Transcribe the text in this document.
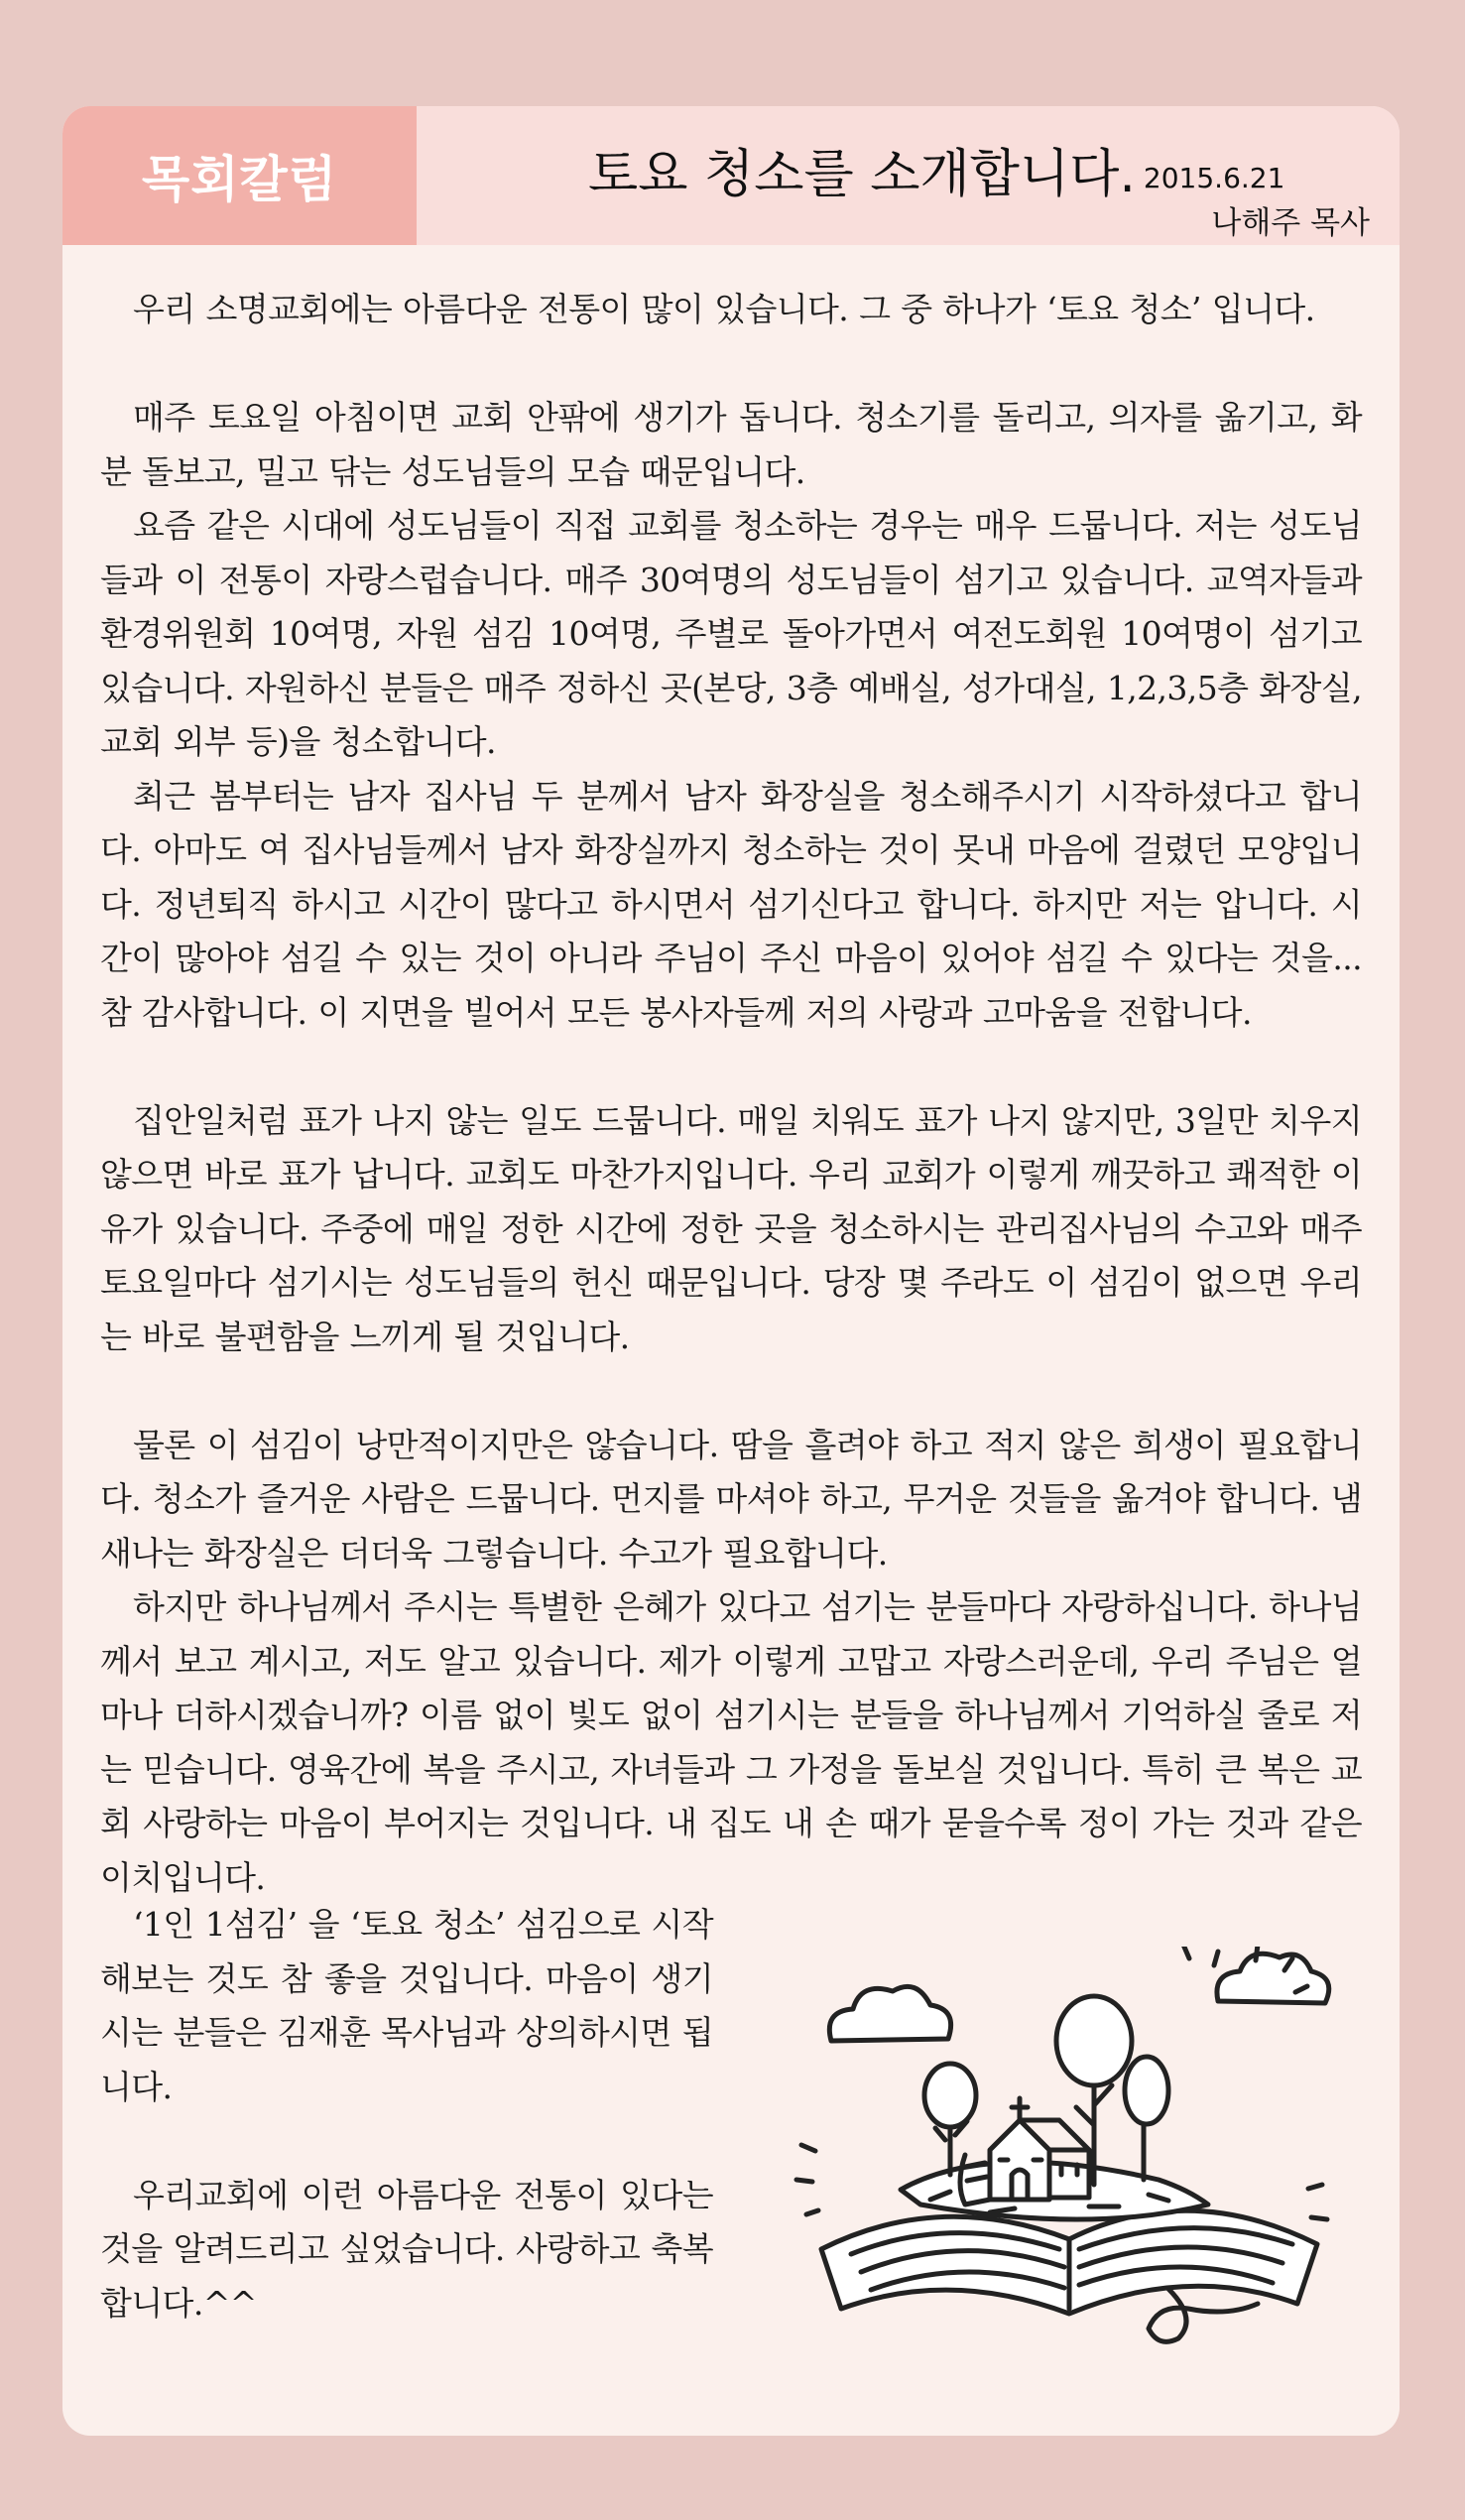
목회칼럼	토요 청소를 소개합니다. 2015.6.21
나해주 목사

우리 소명교회에는 아름다운 전통이 많이 있습니다. 그 중 하나가 ‘토요 청소’ 입니다.

매주 토요일 아침이면 교회 안팎에 생기가 돕니다. 청소기를 돌리고, 의자를 옮기고, 화분 돌보고, 밀고 닦는 성도님들의 모습 때문입니다.

요즘 같은 시대에 성도님들이 직접 교회를 청소하는 경우는 매우 드뭅니다. 저는 성도님들과 이 전통이 자랑스럽습니다. 매주 30여명의 성도님들이 섬기고 있습니다. 교역자들과 환경위원회 10여명, 자원 섬김 10여명, 주별로 돌아가면서 여전도회원 10여명이 섬기고 있습니다. 자원하신 분들은 매주 정하신 곳(본당, 3층 예배실, 성가대실, 1,2,3,5층 화장실, 교회 외부 등)을 청소합니다.

최근 봄부터는 남자 집사님 두 분께서 남자 화장실을 청소해주시기 시작하셨다고 합니다. 아마도 여 집사님들께서 남자 화장실까지 청소하는 것이 못내 마음에 걸렸던 모양입니다. 정년퇴직 하시고 시간이 많다고 하시면서 섬기신다고 합니다. 하지만 저는 압니다. 시간이 많아야 섬길 수 있는 것이 아니라 주님이 주신 마음이 있어야 섬길 수 있다는 것을... 참 감사합니다. 이 지면을 빌어서 모든 봉사자들께 저의 사랑과 고마움을 전합니다.

집안일처럼 표가 나지 않는 일도 드뭅니다. 매일 치워도 표가 나지 않지만, 3일만 치우지 않으면 바로 표가 납니다. 교회도 마찬가지입니다. 우리 교회가 이렇게 깨끗하고 쾌적한 이유가 있습니다. 주중에 매일 정한 시간에 정한 곳을 청소하시는 관리집사님의 수고와 매주 토요일마다 섬기시는 성도님들의 헌신 때문입니다. 당장 몇 주라도 이 섬김이 없으면 우리는 바로 불편함을 느끼게 될 것입니다.

물론 이 섬김이 낭만적이지만은 않습니다. 땀을 흘려야 하고 적지 않은 희생이 필요합니다. 청소가 즐거운 사람은 드뭅니다. 먼지를 마셔야 하고, 무거운 것들을 옮겨야 합니다. 냄새나는 화장실은 더더욱 그렇습니다. 수고가 필요합니다.

하지만 하나님께서 주시는 특별한 은혜가 있다고 섬기는 분들마다 자랑하십니다. 하나님께서 보고 계시고, 저도 알고 있습니다. 제가 이렇게 고맙고 자랑스러운데, 우리 주님은 얼마나 더하시겠습니까? 이름 없이 빛도 없이 섬기시는 분들을 하나님께서 기억하실 줄로 저는 믿습니다. 영육간에 복을 주시고, 자녀들과 그 가정을 돌보실 것입니다. 특히 큰 복은 교회 사랑하는 마음이 부어지는 것입니다. 내 집도 내 손 때가 묻을수록 정이 가는 것과 같은 이치입니다.

‘1인 1섬김’ 을 ‘토요 청소’ 섬김으로 시작해보는 것도 참 좋을 것입니다. 마음이 생기시는 분들은 김재훈 목사님과 상의하시면 됩니다.

우리교회에 이런 아름다운 전통이 있다는 것을 알려드리고 싶었습니다. 사랑하고 축복합니다.^^
